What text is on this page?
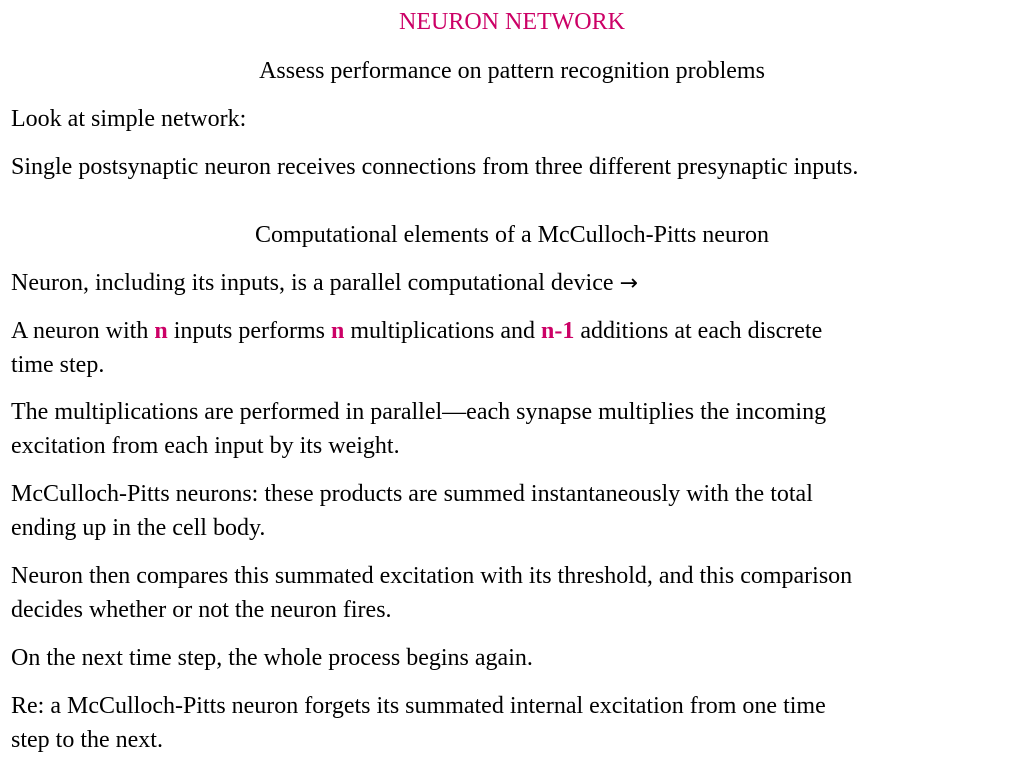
NEURON NETWORK
Assess performance on pattern recognition problems
Look at simple network:
Single postsynaptic neuron receives connections from three different presynaptic inputs.
Computational elements of a McCulloch-Pitts neuron
Neuron, including its inputs, is a parallel computational device →
A neuron with n inputs performs n multiplications and n-1 additions at each discrete
time step.
The multiplications are performed in parallel—each synapse multiplies the incoming
excitation from each input by its weight.
McCulloch-Pitts neurons: these products are summed instantaneously with the total
ending up in the cell body.
Neuron then compares this summated excitation with its threshold, and this comparison
decides whether or not the neuron fires.
On the next time step, the whole process begins again.
Re: a McCulloch-Pitts neuron forgets its summated internal excitation from one time
step to the next.
